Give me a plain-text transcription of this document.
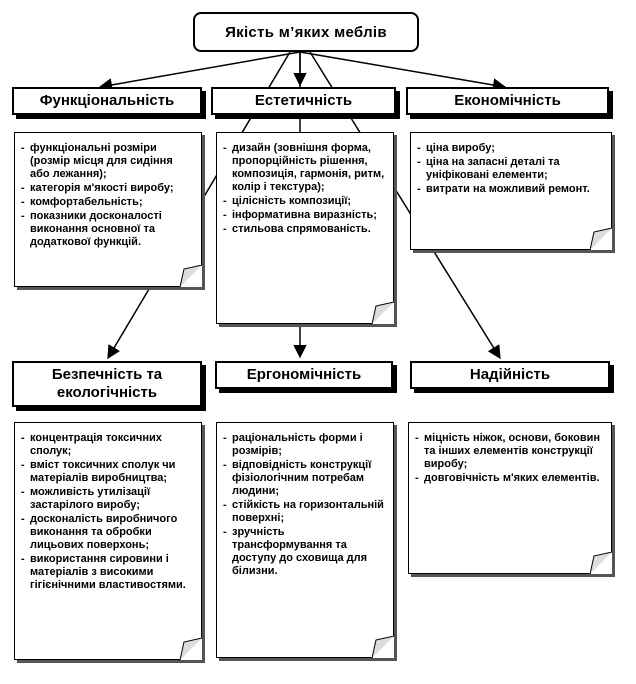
Якість м’яких меблів
Функціональність	Естетичність	Економічність
- функціональні розміри (розмір місця для сидіння або лежання);
- категорія м'якості виробу;
- комфортабельність;
- показники досконалості виконання основної та додаткової функцій.
- дизайн (зовнішня форма, пропорційність рішення, композиція, гармонія, ритм, колір і текстура);
- цілісність композиції;
- інформативна виразність;
- стильова спрямованість.
- ціна виробу;
- ціна на запасні деталі та уніфіковані елементи;
- витрати на можливий ремонт.
Безпечність та екологічність
Ергономічність	Надійність
- концентрація токсичних сполук;
- вміст токсичних сполук чи матеріалів виробництва;
- можливість утилізації застарілого виробу;
- досконалість виробничого виконання та обробки лицьових поверхонь;
- використання сировини і матеріалів з високими гігієнічними властивостями.
- раціональність форми і розмірів;
- відповідність конструкції фізіологічним потребам людини;
- стійкість на горизонтальній поверхні;
- зручність трансформування та доступу до сховища для білизни.
- міцність ніжок, основи, боковин та інших елементів конструкції виробу;
- довговічність м'яких елементів.
